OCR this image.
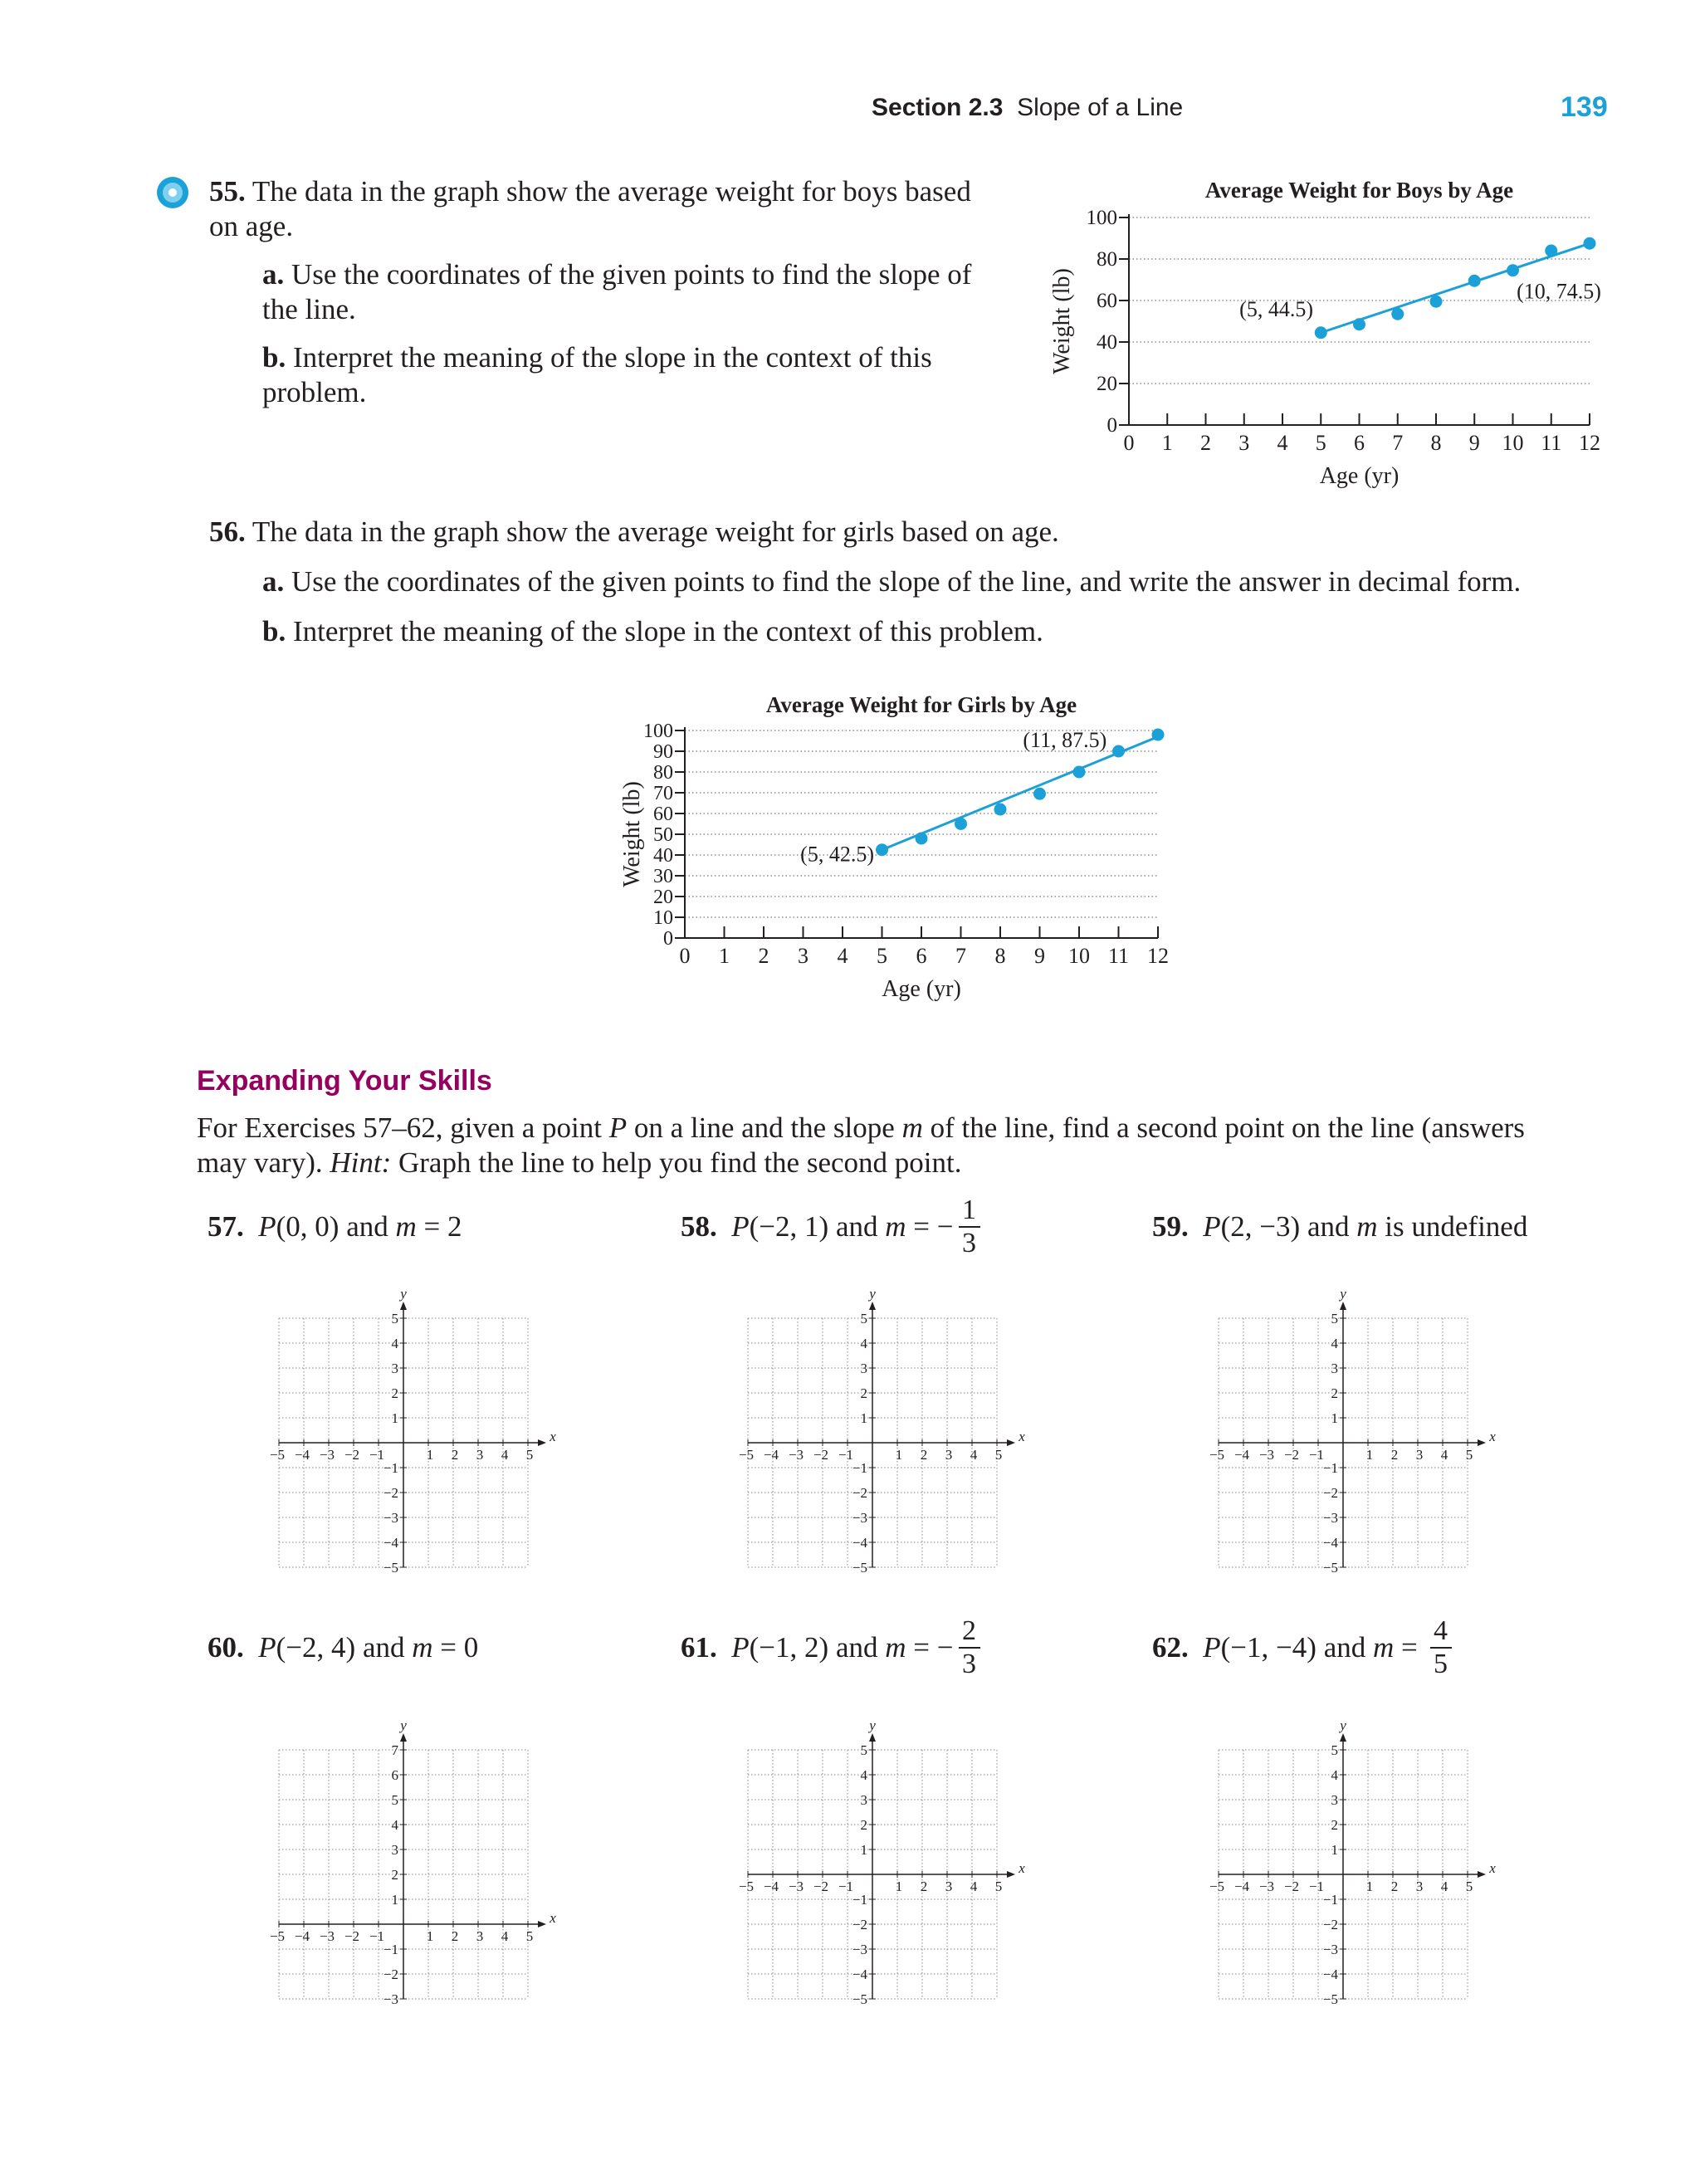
Section 2.3 Slope of a Line	139
55. The data in the graph show the average weight for boys based on age.
a. Use the coordinates of the given points to find the slope of the line.
b. Interpret the meaning of the slope in the context of this problem.
Average Weight for Boys by Age
0
20
40
60
80
100
0 1 2 3 4 5 6 7 8 9 10 11 12
Age (yr)
Weight (lb)	(5, 44.5)
(10, 74.5)
56. The data in the graph show the average weight for girls based on age.
a. Use the coordinates of the given points to find the slope of the line, and write the answer in decimal form.
b. Interpret the meaning of the slope in the context of this problem.
Average Weight for Girls by Age
0
10
20
30
40
50
60
70
80
90
100
0 1 2 3 4 5 6 7 8 9 10 11 12
Age (yr)
Weight (lb)	(5, 42.5)
(11, 87.5)
Expanding Your Skills
For Exercises 57–62, given a point P on a line and the slope m of the line, find a second point on the line (answers may vary). Hint: Graph the line to help you find the second point.
57.
P (0, 0) and m = 2	58.
P (−2, 1) and m = − $\frac{1}{3}$	59.
P (2, −3) and m is undefined
60.
P (−2, 4) and m = 0	61.
P (−1, 2) and m = − $\frac{2}{3}$	62.
P (−1, −4) and $m = \frac{4}{5}$
y
x
−5 −4 −3 −2 −1	1 2 3 4 5
5
4
3
2
1
−1
−2
−3
−4
−5
y
x
−5 −4 −3 −2 −1	1 2 3 4 5
5
4
3
2
1
−1
−2
−3
−4
−5
y
x
−5 −4 −3 −2 −1	1 2 3 4 5
5
4
3
2
1
−1
−2
−3
−4
−5
y
x
−5 −4 −3 −2 −1	1 2 3 4 5
7
6
5
4
3
2
1
−1
−2
−3
y
x
−5 −4 −3 −2 −1	1 2 3 4 5
5
4
3
2
1
−1
−2
−3
−4
−5
y
x
−5 −4 −3 −2 −1	1 2 3 4 5
5
4
3
2
1
−1
−2
−3
−4
−5
